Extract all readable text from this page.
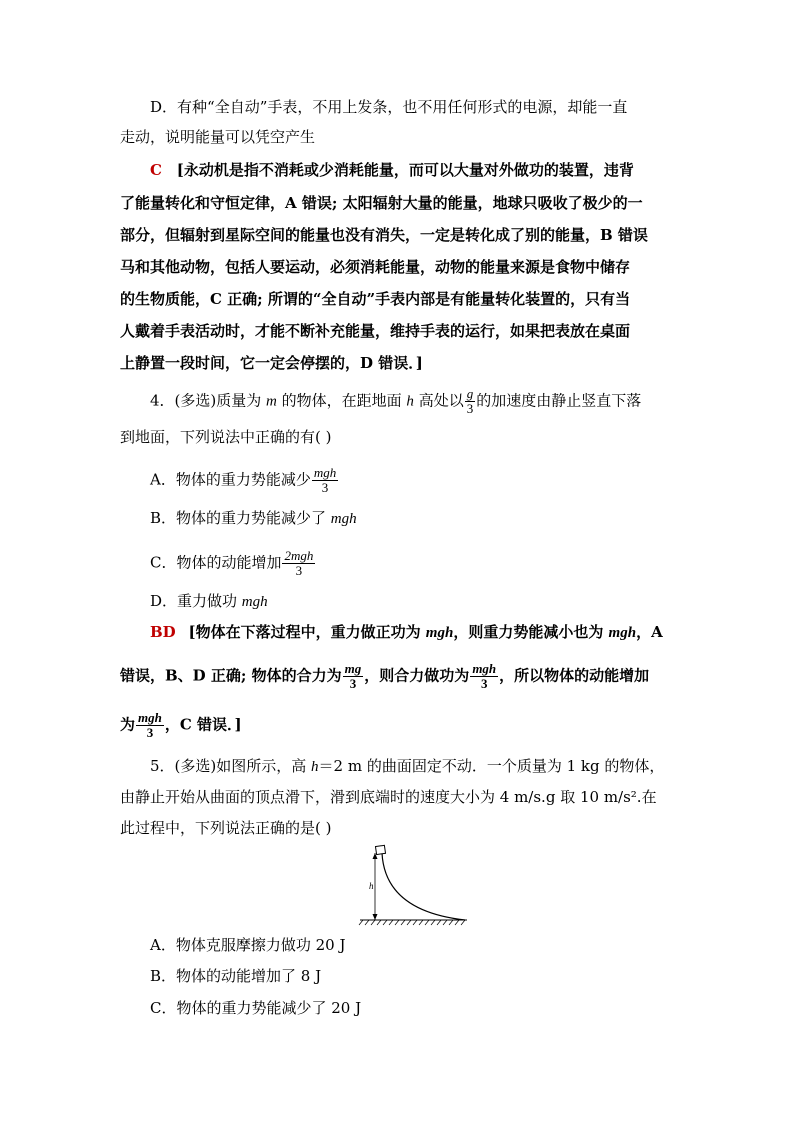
D．有种“全自动”手表，不用上发条，也不用任何形式的电源，却能一直
走动，说明能量可以凭空产生
C [永动机是指不消耗或少消耗能量，而可以大量对外做功的装置，违背
了能量转化和守恒定律，A 错误; 太阳辐射大量的能量，地球只吸收了极少的一
部分，但辐射到星际空间的能量也没有消失，一定是转化成了别的能量，B 错误
马和其他动物，包括人要运动，必须消耗能量，动物的能量来源是食物中储存
的生物质能，C 正确; 所谓的“全自动”手表内部是有能量转化装置的，只有当
人戴着手表活动时，才能不断补充能量，维持手表的运行，如果把表放在桌面
上静置一段时间，它一定会停摆的，D 错误．]
4．(多选)质量为 m 的物体，在距地面 h 高处以 $\frac{g}{3}$ 的加速度由静止竖直下落
到地面，下列说法中正确的有( )
A．物体的重力势能减少 $\frac{\text{mgh}}{3}$
B．物体的重力势能减少了 mgh
C．物体的动能增加 $\frac{\text{2mgh}}{3}$
D．重力做功 mgh
BD [物体在下落过程中，重力做正功为 mgh，则重力势能减小也为 mgh，A
错误，B、D 正确; 物体的合力为 $\frac{mg}{3}$ ，则合力做功为 $\frac{\text{mgh}}{3}$ ，所以物体的动能增加
为 $\frac{\text{mgh}}{3}$ ，C 错误．]
5．(多选)如图所示，高 h＝2 m 的曲面固定不动．一个质量为 1 kg 的物体，
由静止开始从曲面的顶点滑下，滑到底端时的速度大小为 4 m/s.g 取 10 m/s².在
此过程中，下列说法正确的是( )
h
A．物体克服摩擦力做功 20 J
B．物体的动能增加了 8 J
C．物体的重力势能减少了 20 J
